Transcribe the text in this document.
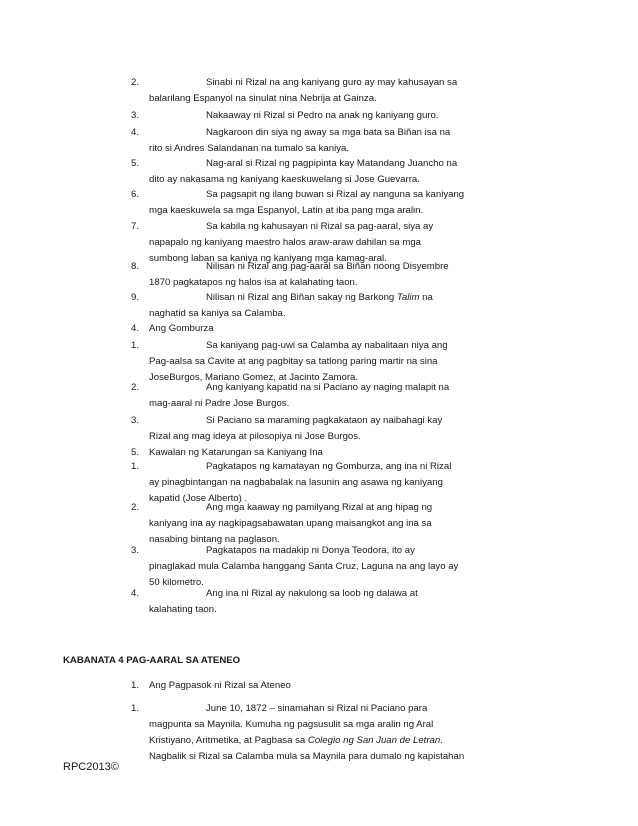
2.	Sinabi ni Rizal na ang kaniyang guro ay may kahusayan sa
balarilang Espanyol na sinulat nina Nebrija at Gainza.
3.	Nakaaway ni Rizal si Pedro na anak ng kaniyang guro.
4.	Nagkaroon din siya ng away sa mga bata sa Biñan isa na
rito si Andres Salandanan na tumalo sa kaniya.
5.	Nag-aral si Rizal ng pagpipinta kay Matandang Juancho na
dito ay nakasama ng kaniyang kaeskuwelang si Jose Guevarra.
6.	Sa pagsapit ng ilang buwan si Rizal ay nanguna sa kaniyang
mga kaeskuwela sa mga Espanyol, Latin at iba pang mga aralin.
7.	Sa kabila ng kahusayan ni Rizal sa pag-aaral, siya ay
napapalo ng kaniyang maestro halos araw-araw dahilan sa mga
sumbong laban sa kaniya ng kaniyang mga kamag-aral.
8.	Nilisan ni Rizal ang pag-aaral sa Biñan noong Disyembre
1870 pagkatapos ng halos isa at kalahating taon.
9.	Nilisan ni Rizal ang Biñan sakay ng Barkong Talim na
naghatid sa kaniya sa Calamba.
4.	Ang Gomburza
1.	Sa kaniyang pag-uwi sa Calamba ay nabalitaan niya ang
Pag-aalsa sa Cavite at ang pagbitay sa tatlong paring martir na sina
JoseBurgos, Mariano Gomez, at Jacinto Zamora.
2.	Ang kaniyang kapatid na si Paciano ay naging malapit na
mag-aaral ni Padre Jose Burgos.
3.	Si Paciano sa maraming pagkakataon ay naibahagi kay
Rizal ang mag ideya at pilosopiya ni Jose Burgos.
5.	Kawalan ng Katarungan sa Kaniyang Ina
1.	Pagkatapos ng kamatayan ng Gomburza, ang ina ni Rizal
ay pinagbintangan na nagbabalak na lasunin ang asawa ng kaniyang
kapatid (Jose Alberto) .
2.	Ang mga kaaway ng pamilyang Rizal at ang hipag ng
kaniyang ina ay nagkipagsabawatan upang maisangkot ang ina sa
nasabing bintang na paglason.
3.	Pagkatapos na madakip ni Donya Teodora, ito ay
pinaglakad mula Calamba hanggang Santa Cruz, Laguna na ang layo ay
50 kilometro.
4.	Ang ina ni Rizal ay nakulong sa loob ng dalawa at
kalahating taon.
KABANATA 4 PAG-AARAL SA ATENEO
1.	Ang Pagpasok ni Rizal sa Ateneo
1.	June 10, 1872 – sinamahan si Rizal ni Paciano para
magpunta sa Maynila. Kumuha ng pagsusulit sa mga aralin ng Aral
Kristiyano, Aritmetika, at Pagbasa sa Colegio ng San Juan de Letran.
Nagbalik si Rizal sa Calamba mula sa Maynila para dumalo ng kapistahan
RPC2013©
